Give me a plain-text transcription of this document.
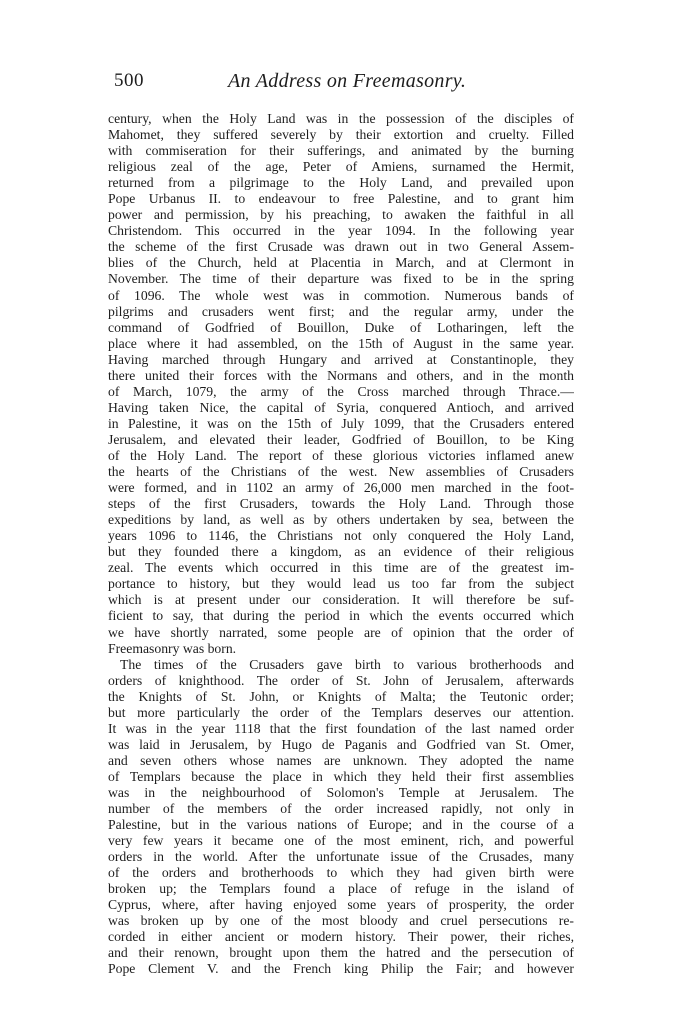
500	An Address on Freemasonry.
century, when the Holy Land was in the possession of the disciples of
Mahomet, they suffered severely by their extortion and cruelty. Filled
with commiseration for their sufferings, and animated by the burning
religious zeal of the age, Peter of Amiens, surnamed the Hermit,
returned from a pilgrimage to the Holy Land, and prevailed upon
Pope Urbanus II. to endeavour to free Palestine, and to grant him
power and permission, by his preaching, to awaken the faithful in all
Christendom. This occurred in the year 1094. In the following year
the scheme of the first Crusade was drawn out in two General Assem-
blies of the Church, held at Placentia in March, and at Clermont in
November. The time of their departure was fixed to be in the spring
of 1096. The whole west was in commotion. Numerous bands of
pilgrims and crusaders went first; and the regular army, under the
command of Godfried of Bouillon, Duke of Lotharingen, left the
place where it had assembled, on the 15th of August in the same year.
Having marched through Hungary and arrived at Constantinople, they
there united their forces with the Normans and others, and in the month
of March, 1079, the army of the Cross marched through Thrace.—
Having taken Nice, the capital of Syria, conquered Antioch, and arrived
in Palestine, it was on the 15th of July 1099, that the Crusaders entered
Jerusalem, and elevated their leader, Godfried of Bouillon, to be King
of the Holy Land. The report of these glorious victories inflamed anew
the hearts of the Christians of the west. New assemblies of Crusaders
were formed, and in 1102 an army of 26,000 men marched in the foot-
steps of the first Crusaders, towards the Holy Land. Through those
expeditions by land, as well as by others undertaken by sea, between the
years 1096 to 1146, the Christians not only conquered the Holy Land,
but they founded there a kingdom, as an evidence of their religious
zeal. The events which occurred in this time are of the greatest im-
portance to history, but they would lead us too far from the subject
which is at present under our consideration. It will therefore be suf-
ficient to say, that during the period in which the events occurred which
we have shortly narrated, some people are of opinion that the order of
Freemasonry was born.
The times of the Crusaders gave birth to various brotherhoods and
orders of knighthood. The order of St. John of Jerusalem, afterwards
the Knights of St. John, or Knights of Malta; the Teutonic order;
but more particularly the order of the Templars deserves our attention.
It was in the year 1118 that the first foundation of the last named order
was laid in Jerusalem, by Hugo de Paganis and Godfried van St. Omer,
and seven others whose names are unknown. They adopted the name
of Templars because the place in which they held their first assemblies
was in the neighbourhood of Solomon's Temple at Jerusalem. The
number of the members of the order increased rapidly, not only in
Palestine, but in the various nations of Europe; and in the course of a
very few years it became one of the most eminent, rich, and powerful
orders in the world. After the unfortunate issue of the Crusades, many
of the orders and brotherhoods to which they had given birth were
broken up; the Templars found a place of refuge in the island of
Cyprus, where, after having enjoyed some years of prosperity, the order
was broken up by one of the most bloody and cruel persecutions re-
corded in either ancient or modern history. Their power, their riches,
and their renown, brought upon them the hatred and the persecution of
Pope Clement V. and the French king Philip the Fair; and however
